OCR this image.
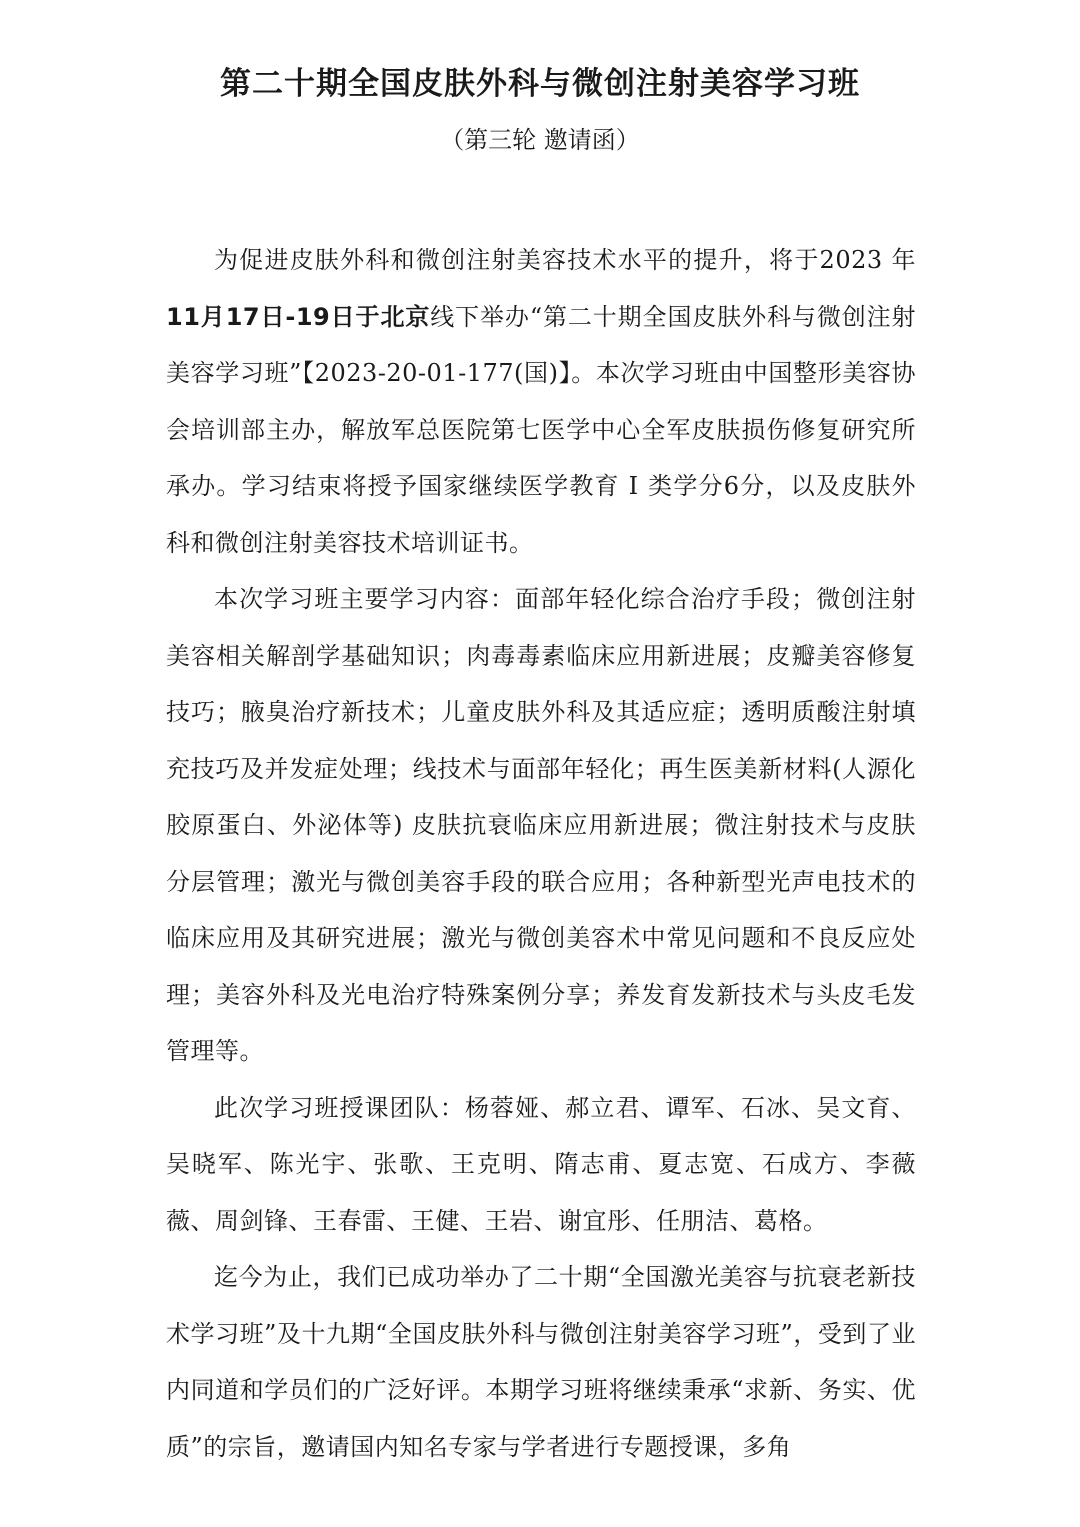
第二十期全国皮肤外科与微创注射美容学习班

（第三轮 邀请函）

为促进皮肤外科和微创注射美容技术水平的提升，将于2023 年11月17日-19日于北京线下举办“第二十期全国皮肤外科与微创注射美容学习班”【2023-20-01-177(国)】。本次学习班由中国整形美容协会培训部主办，解放军总医院第七医学中心全军皮肤损伤修复研究所承办。学习结束将授予国家继续医学教育 Ⅰ 类学分6分，以及皮肤外科和微创注射美容技术培训证书。

本次学习班主要学习内容：面部年轻化综合治疗手段；微创注射美容相关解剖学基础知识；肉毒毒素临床应用新进展；皮瓣美容修复技巧；腋臭治疗新技术；儿童皮肤外科及其适应症；透明质酸注射填充技巧及并发症处理；线技术与面部年轻化；再生医美新材料(人源化胶原蛋白、外泌体等) 皮肤抗衰临床应用新进展；微注射技术与皮肤分层管理；激光与微创美容手段的联合应用；各种新型光声电技术的临床应用及其研究进展；激光与微创美容术中常见问题和不良反应处理；美容外科及光电治疗特殊案例分享；养发育发新技术与头皮毛发管理等。

此次学习班授课团队：杨蓉娅、郝立君、谭军、石冰、吴文育、吴晓军、陈光宇、张歌、王克明、隋志甫、夏志宽、石成方、李薇薇、周剑锋、王春雷、王健、王岩、谢宜彤、任朋洁、葛格。

迄今为止，我们已成功举办了二十期“全国激光美容与抗衰老新技术学习班”及十九期“全国皮肤外科与微创注射美容学习班”，受到了业内同道和学员们的广泛好评。本期学习班将继续秉承“求新、务实、优质”的宗旨，邀请国内知名专家与学者进行专题授课，多角
